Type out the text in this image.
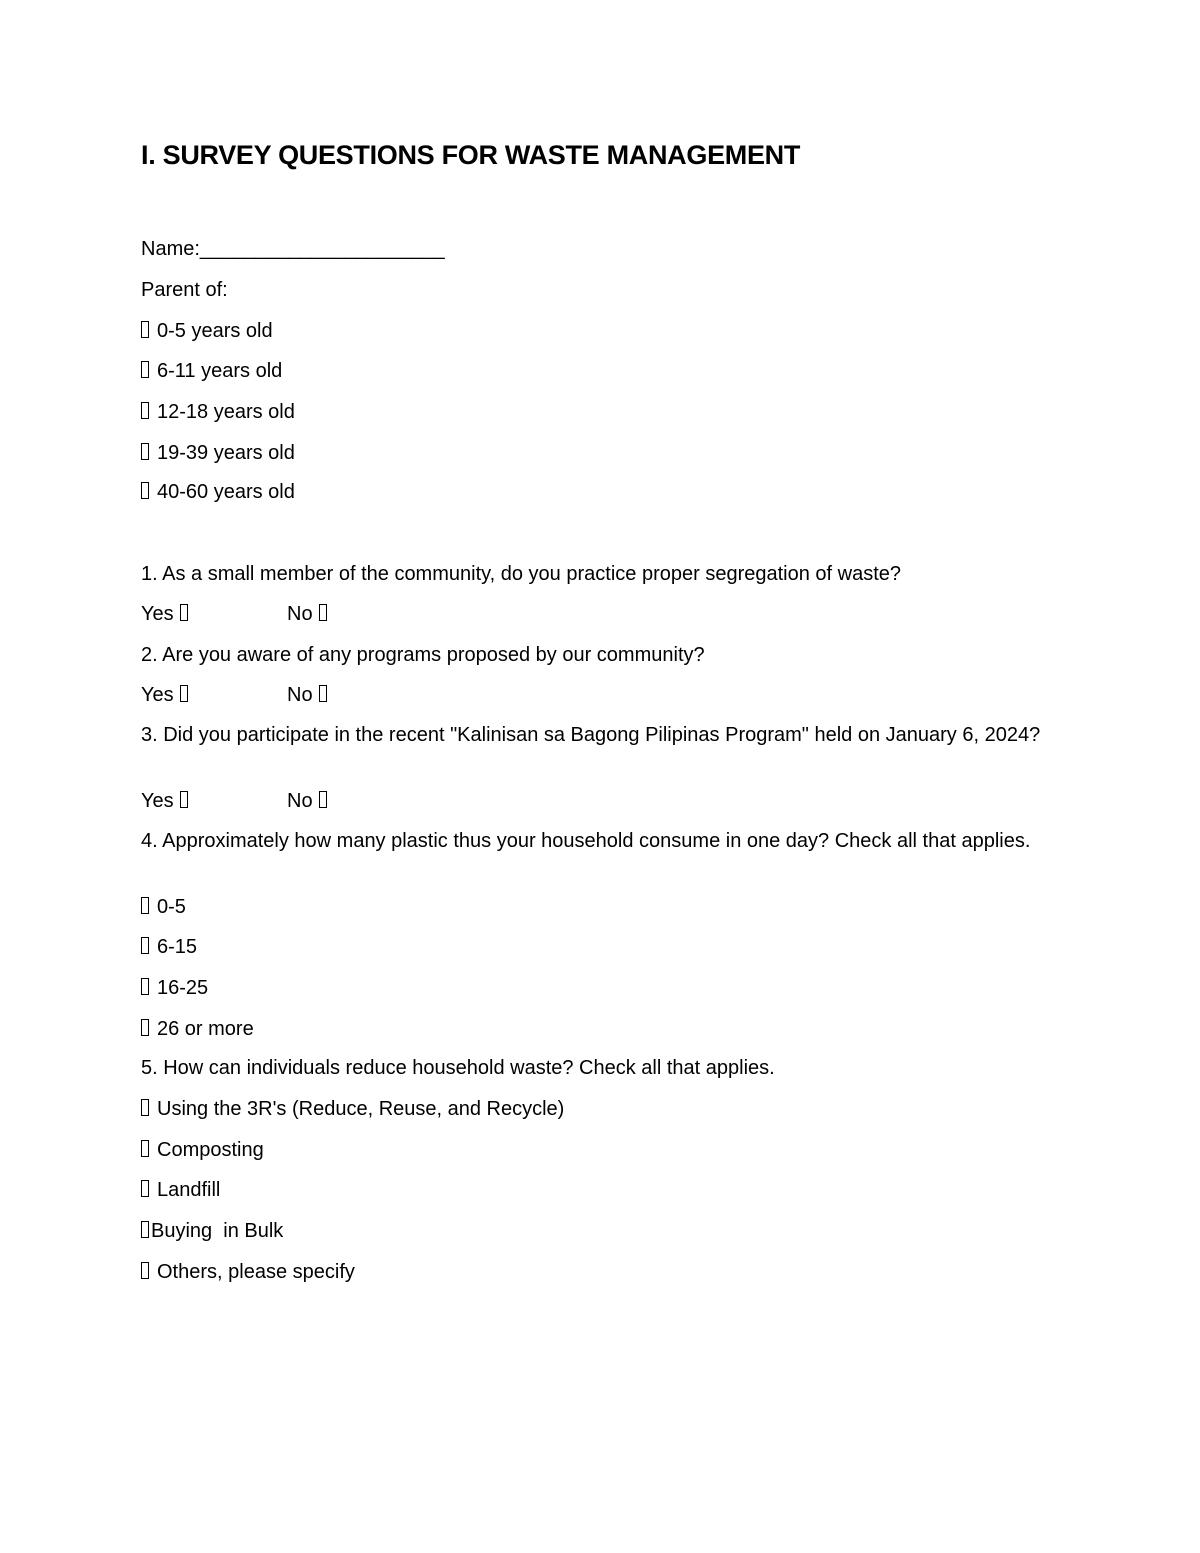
I. SURVEY QUESTIONS FOR WASTE MANAGEMENT
Name:______________________
Parent of:
0-5 years old
6-11 years old
12-18 years old
19-39 years old
40-60 years old
1. As a small member of the community, do you practice proper segregation of waste?
Yes	No
2. Are you aware of any programs proposed by our community?
Yes	No
3. Did you participate in the recent "Kalinisan sa Bagong Pilipinas Program" held on January 6, 2024?
Yes	No
4. Approximately how many plastic thus your household consume in one day? Check all that applies.
0-5
6-15
16-25
26 or more
5. How can individuals reduce household waste? Check all that applies.
Using the 3R's (Reduce, Reuse, and Recycle)
Composting
Landfill
Buying  in Bulk
Others, please specify
